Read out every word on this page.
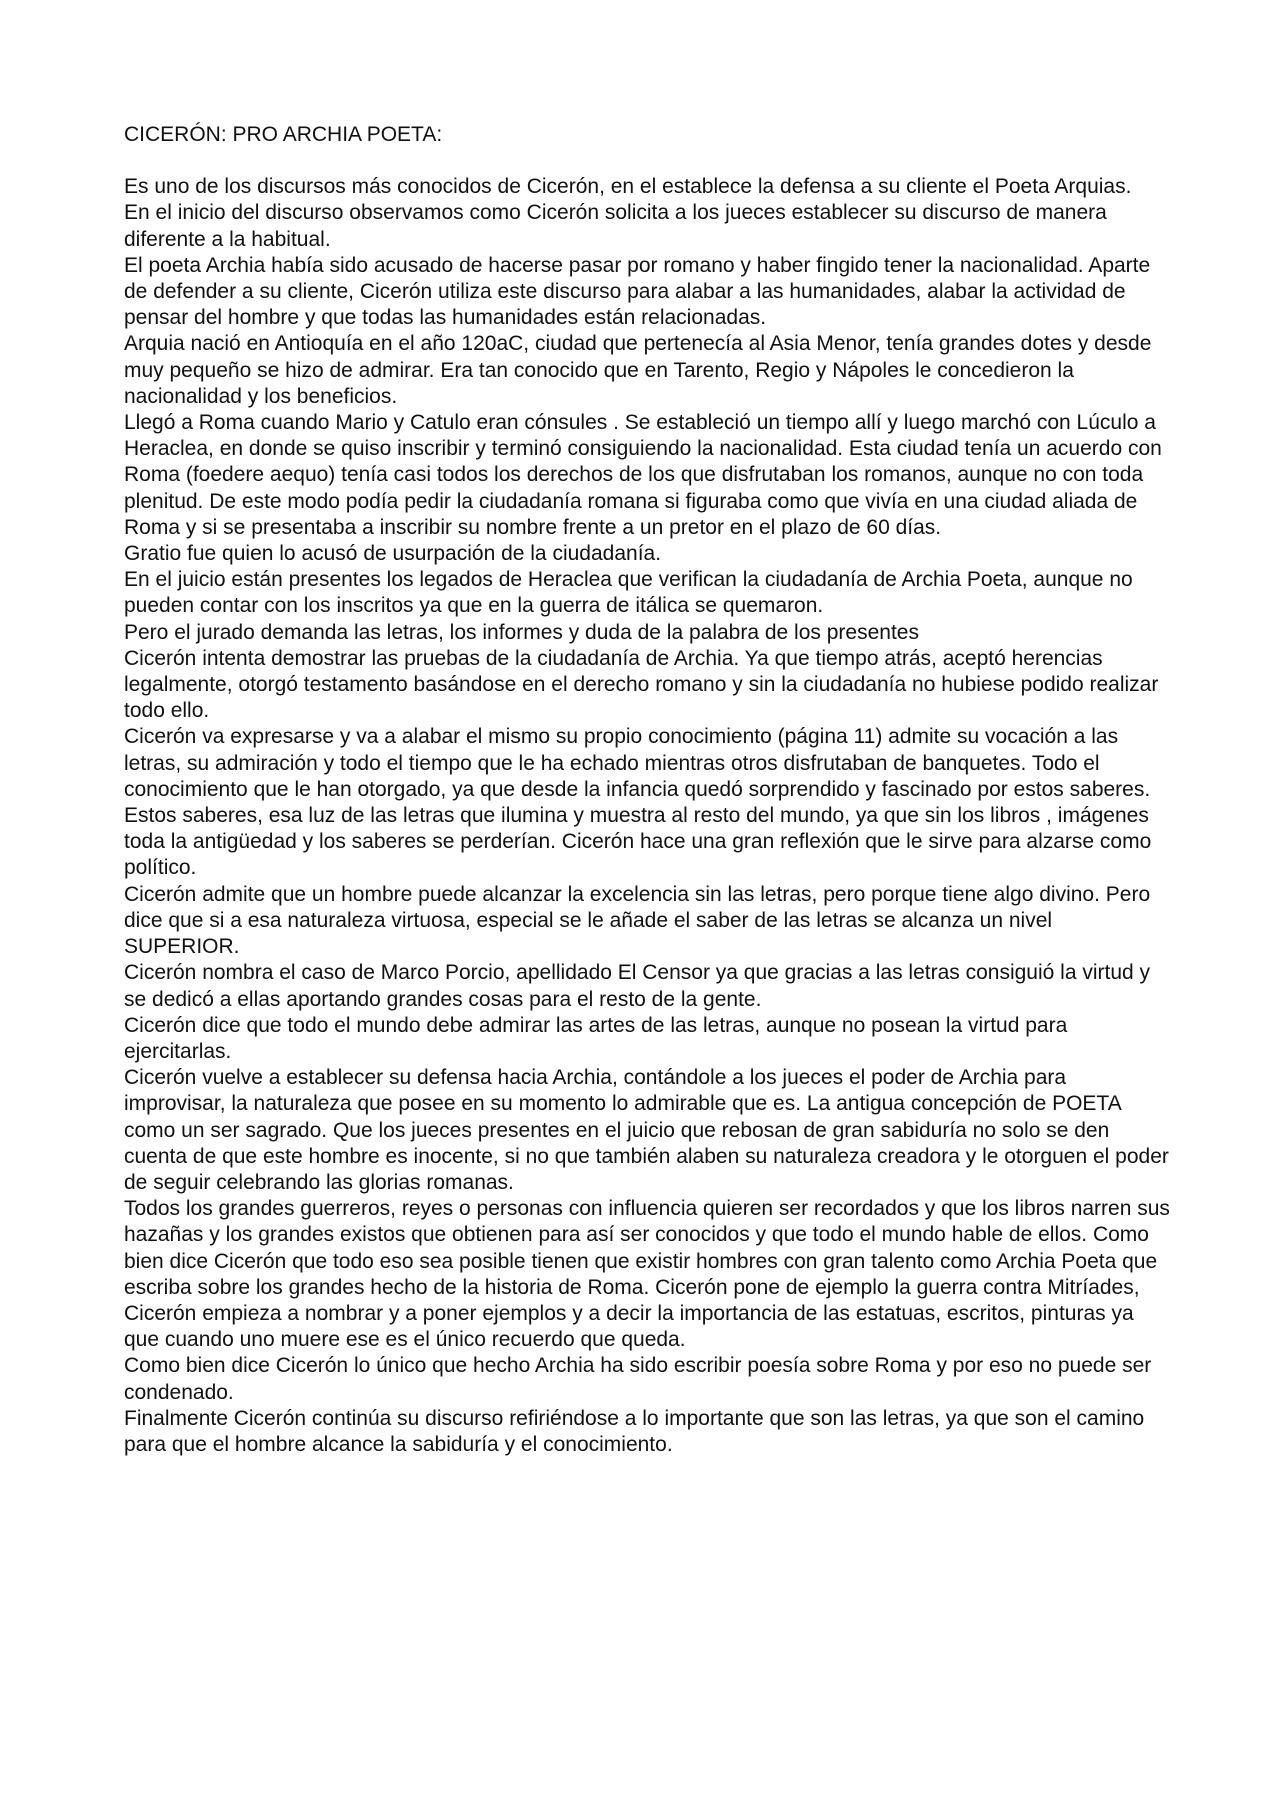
CICERÓN: PRO ARCHIA POETA:

Es uno de los discursos más conocidos de Cicerón, en el establece la defensa a su cliente el Poeta Arquias.

En el inicio del discurso observamos como Cicerón solicita a los jueces establecer su discurso de manera diferente a la habitual.

El poeta Archia había sido acusado de hacerse pasar por romano y haber fingido tener la nacionalidad. Aparte de defender a su cliente, Cicerón utiliza este discurso para alabar a las humanidades, alabar la actividad de pensar del hombre y que todas las humanidades están relacionadas.

Arquia nació en Antioquía en el año 120aC, ciudad que pertenecía al Asia Menor, tenía grandes dotes y desde muy pequeño se hizo de admirar. Era tan conocido que en Tarento, Regio y Nápoles le concedieron la nacionalidad y los beneficios.

Llegó a Roma cuando Mario y Catulo eran cónsules . Se estableció un tiempo allí y luego marchó con Lúculo a Heraclea, en donde se quiso inscribir y terminó consiguiendo la nacionalidad. Esta ciudad tenía un acuerdo con Roma (foedere aequo) tenía casi todos los derechos de los que disfrutaban los romanos, aunque no con toda plenitud. De este modo podía pedir la ciudadanía romana si figuraba como que vivía en una ciudad aliada de Roma y si se presentaba a inscribir su nombre frente a un pretor en el plazo de 60 días.

Gratio fue quien lo acusó de usurpación de la ciudadanía.

En el juicio están presentes los legados de Heraclea que verifican la ciudadanía de Archia Poeta, aunque no pueden contar con los inscritos ya que en la guerra de itálica se quemaron.

Pero el jurado demanda las letras, los informes y duda de la palabra de los presentes

Cicerón intenta demostrar las pruebas de la ciudadanía de Archia. Ya que tiempo atrás, aceptó herencias legalmente, otorgó testamento basándose en el derecho romano y sin la ciudadanía no hubiese podido realizar todo ello.

Cicerón va expresarse y va a alabar el mismo su propio conocimiento (página 11) admite su vocación a las letras, su admiración y todo el tiempo que le ha echado mientras otros disfrutaban de banquetes. Todo el conocimiento que le han otorgado, ya que desde la infancia quedó sorprendido y fascinado por estos saberes. Estos saberes, esa luz de las letras que ilumina y muestra al resto del mundo, ya que sin los libros , imágenes toda la antigüedad y los saberes se perderían. Cicerón hace una gran reflexión que le sirve para alzarse como político.

Cicerón admite que un hombre puede alcanzar la excelencia sin las letras, pero porque tiene algo divino. Pero dice que si a esa naturaleza virtuosa, especial se le añade el saber de las letras se alcanza un nivel SUPERIOR.

Cicerón nombra el caso de Marco Porcio, apellidado El Censor ya que gracias a las letras consiguió la virtud y se dedicó a ellas aportando grandes cosas para el resto de la gente.

Cicerón dice que todo el mundo debe admirar las artes de las letras, aunque no posean la virtud para ejercitarlas.

Cicerón vuelve a establecer su defensa hacia Archia, contándole a los jueces el poder de Archia para improvisar, la naturaleza que posee en su momento lo admirable que es. La antigua concepción de POETA como un ser sagrado. Que los jueces presentes en el juicio que rebosan de gran sabiduría no solo se den cuenta de que este hombre es inocente, si no que también alaben su naturaleza creadora y le otorguen el poder de seguir celebrando las glorias romanas.

Todos los grandes guerreros, reyes o personas con influencia quieren ser recordados y que los libros narren sus hazañas y los grandes existos que obtienen para así ser conocidos y que todo el mundo hable de ellos. Como bien dice Cicerón que todo eso sea posible tienen que existir hombres con gran talento como Archia Poeta que escriba sobre los grandes hecho de la historia de Roma. Cicerón pone de ejemplo la guerra contra Mitríades, Cicerón empieza a nombrar y a poner ejemplos y a decir la importancia de las estatuas, escritos, pinturas ya que cuando uno muere ese es el único recuerdo que queda.

Como bien dice Cicerón lo único que hecho Archia ha sido escribir poesía sobre Roma y por eso no puede ser condenado.

Finalmente Cicerón continúa su discurso refiriéndose a lo importante que son las letras, ya que son el camino para que el hombre alcance la sabiduría y el conocimiento.
